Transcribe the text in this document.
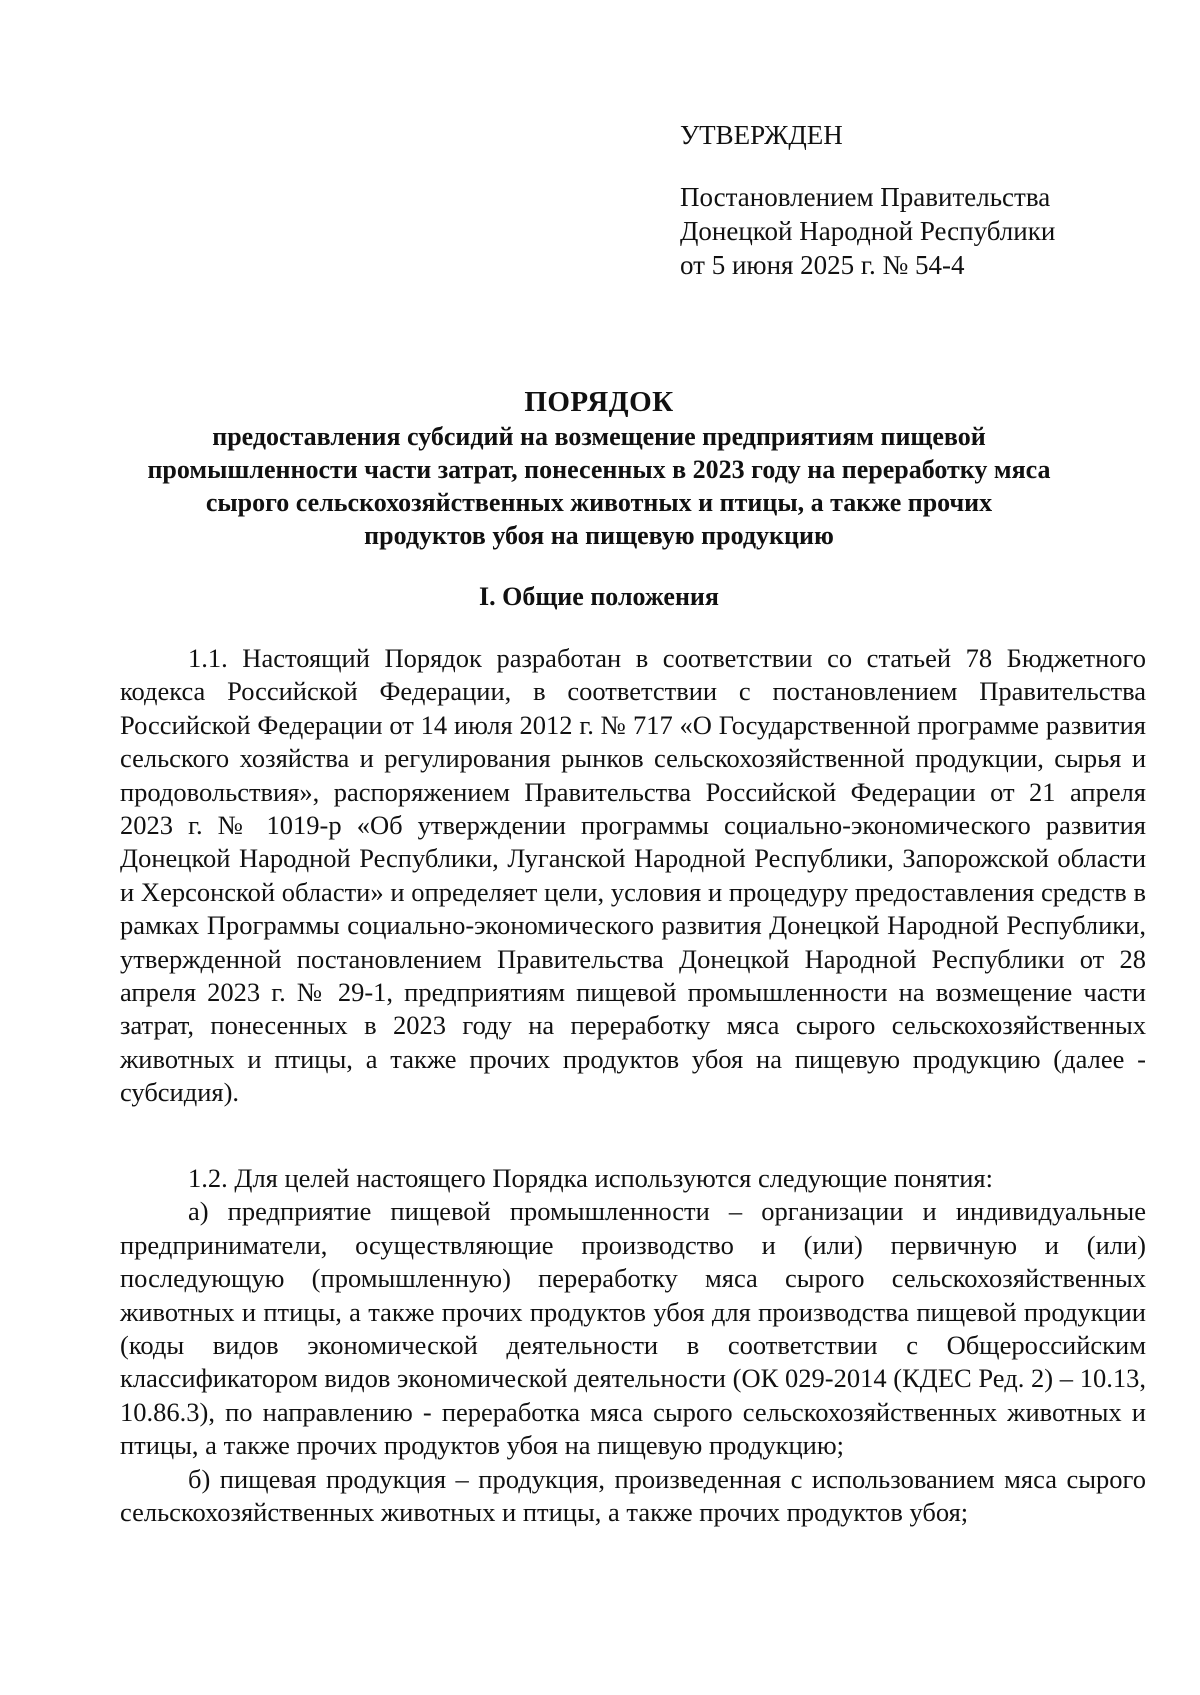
УТВЕРЖДЕН
Постановлением Правительства
Донецкой Народной Республики
от 5 июня 2025 г. № 54-4
ПОРЯДОК
предоставления субсидий на возмещение предприятиям пищевой
промышленности части затрат, понесенных в 2023 году на переработку мяса
сырого сельскохозяйственных животных и птицы, а также прочих
продуктов убоя на пищевую продукцию
I. Общие положения

1.1. Настоящий Порядок разработан в соответствии со статьей 78 Бюджетного кодекса Российской Федерации, в соответствии с постановлением Правительства Российской Федерации от 14 июля 2012 г. № 717 «О Государственной программе развития сельского хозяйства и регулирования рынков сельскохозяйственной продукции, сырья и продовольствия», распоряжением Правительства Российской Федерации от 21 апреля 2023 г. № 1019-р «Об утверждении программы социально-экономического развития Донецкой Народной Республики, Луганской Народной Республики, Запорожской области и Херсонской области» и определяет цели, условия и процедуру предоставления средств в рамках Программы социально-экономического развития Донецкой Народной Республики, утвержденной постановлением Правительства Донецкой Народной Республики от 28 апреля 2023 г. № 29-1, предприятиям пищевой промышленности на возмещение части затрат, понесенных в 2023 году на переработку мяса сырого сельскохозяйственных животных и птицы, а также прочих продуктов убоя на пищевую продукцию (далее - субсидия).

1.2. Для целей настоящего Порядка используются следующие понятия:

а) предприятие пищевой промышленности – организации и индивидуальные предприниматели, осуществляющие производство и (или) первичную и (или) последующую (промышленную) переработку мяса сырого сельскохозяйственных животных и птицы, а также прочих продуктов убоя для производства пищевой продукции (коды видов экономической деятельности в соответствии с Общероссийским классификатором видов экономической деятельности (ОК 029-2014 (КДЕС Ред. 2) – 10.13, 10.86.3), по направлению - переработка мяса сырого сельскохозяйственных животных и птицы, а также прочих продуктов убоя на пищевую продукцию;

б) пищевая продукция – продукция, произведенная с использованием мяса сырого сельскохозяйственных животных и птицы, а также прочих продуктов убоя;
